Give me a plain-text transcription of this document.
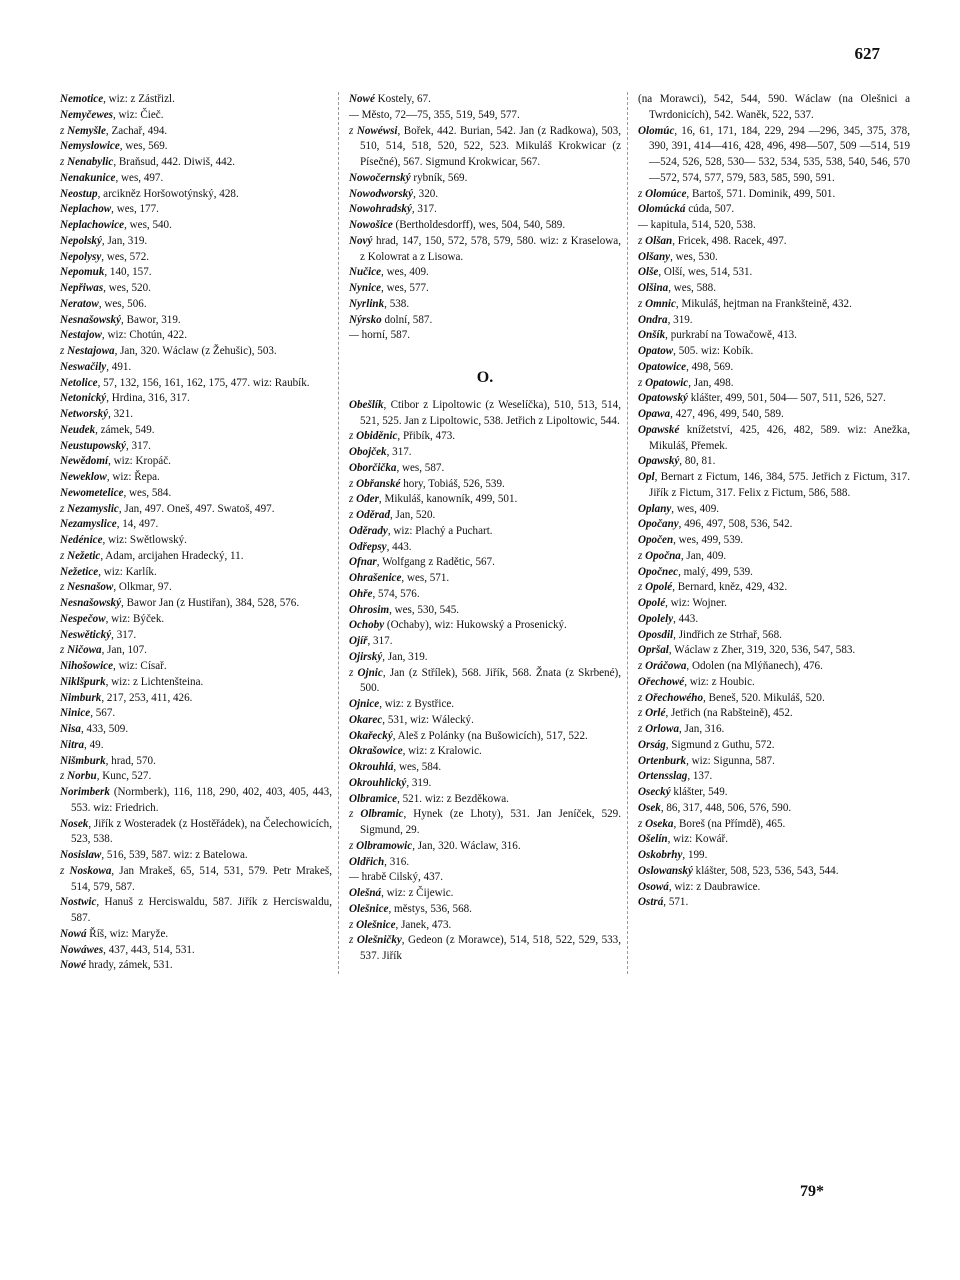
627

Nemotice, wiz: z Zástřizl.

Nemyčewes, wiz: Čieč.

z Nemyšle, Zachař, 494.

Nemyslowice, wes, 569.

z Nenabylic, Braňsud, 442. Diwiš, 442.

Nenakunice, wes, 497.

Neostup, arcikněz Horšowotýnský, 428.

Neplachow, wes, 177.

Neplachowice, wes, 540.

Nepolský, Jan, 319.

Nepolysy, wes, 572.

Nepomuk, 140, 157.

Nepřiwas, wes, 520.

Neratow, wes, 506.

Nesnašowský, Bawor, 319.

Nestajow, wiz: Chotún, 422.

z Nestajowa, Jan, 320. Wáclaw (z Žehušic), 503.

Neswačily, 491.

Netolice, 57, 132, 156, 161, 162, 175, 477. wiz: Raubík.

Netonický, Hrdina, 316, 317.

Networský, 321.

Neudek, zámek, 549.

Neustupowský, 317.

Newědomí, wiz: Kropáč.

Neweklow, wiz: Řepa.

Newometelice, wes, 584.

z Nezamyslic, Jan, 497. Oneš, 497. Swatoš, 497.

Nezamyslice, 14, 497.

Nedénice, wiz: Swětlowský.

z Nežetic, Adam, arcijahen Hradecký, 11.

Nežetice, wiz: Karlík.

z Nesnašow, Olkmar, 97.

Nesnašowský, Bawor Jan (z Hustiřan), 384, 528, 576.

Nespečow, wiz: Býček.

Neswětický, 317.

z Ničowa, Jan, 107.

Nihošowice, wiz: Císař.

Niklšpurk, wiz: z Lichtenšteina.

Nimburk, 217, 253, 411, 426.

Ninice, 567.

Nisa, 433, 509.

Nitra, 49.

Nišmburk, hrad, 570.

z Norbu, Kunc, 527.

Norimberk (Normberk), 116, 118, 290, 402, 403, 405, 443, 553. wiz: Friedrich.

Nosek, Jiřík z Wosteradek (z Hostěřádek), na Čelechowicích, 523, 538.

Nosislaw, 516, 539, 587. wiz: z Batelowa.

z Noskowa, Jan Mrakeš, 65, 514, 531, 579. Petr Mrakeš, 514, 579, 587.

Nostwic, Hanuš z Herciswaldu, 587. Jiřík z Herciswaldu, 587.

Nowá Říš, wiz: Maryže.

Nowáwes, 437, 443, 514, 531.

Nowé hrady, zámek, 531.

Nowé Kostely, 67.

— Město, 72—75, 355, 519, 549, 577.

z Nowéwsi, Bořek, 442. Burian, 542. Jan (z Radkowa), 503, 510, 514, 518, 520, 522, 523. Mikuláš Krokwicar (z Písečné), 567. Sigmund Krokwicar, 567.

Nowočernský rybník, 569.

Nowodworský, 320.

Nowohradský, 317.

Nowošice (Bertholdesdorff), wes, 504, 540, 589.

Nový hrad, 147, 150, 572, 578, 579, 580. wiz: z Kraselowa, z Kolowrat a z Lisowa.

Nučice, wes, 409.

Nynice, wes, 577.

Nyrlink, 538.

Nýrsko dolní, 587.

— horní, 587.

O.

Obešlík, Ctibor z Lipoltowic (z Weselíčka), 510, 513, 514, 521, 525. Jan z Lipoltowic, 538. Jetřich z Lipoltowic, 544.

z Obiděnic, Přibík, 473.

Obojček, 317.

Oborčička, wes, 587.

z Obřanské hory, Tobiáš, 526, 539.

z Oder, Mikuláš, kanowník, 499, 501.

z Oděrad, Jan, 520.

Oděrady, wiz: Plachý a Puchart.

Odřepsy, 443.

Ofnar, Wolfgang z Radětic, 567.

Ohrašenice, wes, 571.

Ohře, 574, 576.

Ohrosim, wes, 530, 545.

Ochoby (Ochaby), wiz: Hukowský a Prosenický.

Ojíř, 317.

Ojirský, Jan, 319.

z Ojnic, Jan (z Střílek), 568. Jiřík, 568. Žnata (z Skrbené), 500.

Ojnice, wiz: z Bystřice.

Okarec, 531, wiz: Wálecký.

Okařecký, Aleš z Polánky (na Bušowicích), 517, 522.

Okrašowice, wiz: z Kralowic.

Okrouhlá, wes, 584.

Okrouhlický, 319.

Olbramice, 521. wiz: z Bezděkowa.

z Olbramic, Hynek (ze Lhoty), 531. Jan Jeníček, 529. Sigmund, 29.

z Olbramowic, Jan, 320. Wáclaw, 316.

Oldřich, 316.

— hrabě Cilský, 437.

Olešná, wiz: z Čijewic.

Olešnice, městys, 536, 568.

z Olešnice, Janek, 473.

z Olešničky, Gedeon (z Morawce), 514, 518, 522, 529, 533, 537. Jiřík

(na Morawci), 542, 544, 590. Wáclaw (na Olešnici a Twrdonicích), 542. Waněk, 522, 537.

Olomúc, 16, 61, 171, 184, 229, 294 —296, 345, 375, 378, 390, 391, 414—416, 428, 496, 498—507, 509 —514, 519—524, 526, 528, 530— 532, 534, 535, 538, 540, 546, 570 —572, 574, 577, 579, 583, 585, 590, 591.

z Olomúce, Bartoš, 571. Dominik, 499, 501.

Olomúcká cúda, 507.

— kapitula, 514, 520, 538.

z Olšan, Fricek, 498. Racek, 497.

Olšany, wes, 530.

Olše, Olší, wes, 514, 531.

Olšina, wes, 588.

z Omnic, Mikuláš, hejtman na Frankšteině, 432.

Ondra, 319.

Onšík, purkrabí na Towačowě, 413.

Opatow, 505. wiz: Kobík.

Opatowice, 498, 569.

z Opatowic, Jan, 498.

Opatowský klášter, 499, 501, 504— 507, 511, 526, 527.

Opawa, 427, 496, 499, 540, 589.

Opawské knížetství, 425, 426, 482, 589. wiz: Anežka, Mikuláš, Přemek.

Opawský, 80, 81.

Opl, Bernart z Fictum, 146, 384, 575. Jetřich z Fictum, 317. Jiřík z Fictum, 317. Felix z Fictum, 586, 588.

Oplany, wes, 409.

Opočany, 496, 497, 508, 536, 542.

Opočen, wes, 499, 539.

z Opočna, Jan, 409.

Opočnec, malý, 499, 539.

z Opolé, Bernard, kněz, 429, 432.

Opolé, wiz: Wojner.

Opolely, 443.

Oposdil, Jindřich ze Strhař, 568.

Opršal, Wáclaw z Zher, 319, 320, 536, 547, 583.

z Oráčowa, Odolen (na Mlýňanech), 476.

Ořechowé, wiz: z Houbic.

z Ořechowého, Beneš, 520. Mikuláš, 520.

z Orlé, Jetřich (na Rabšteině), 452.

z Orlowa, Jan, 316.

Orság, Sigmund z Guthu, 572.

Ortenburk, wiz: Sigunna, 587.

Ortensslag, 137.

Osecký klášter, 549.

Osek, 86, 317, 448, 506, 576, 590.

z Oseka, Boreš (na Přímdě), 465.

Ošelín, wiz: Kowář.

Oskobrhy, 199.

Oslowanský klášter, 508, 523, 536, 543, 544.

Osowá, wiz: z Daubrawice.

Ostrá, 571.

79*
